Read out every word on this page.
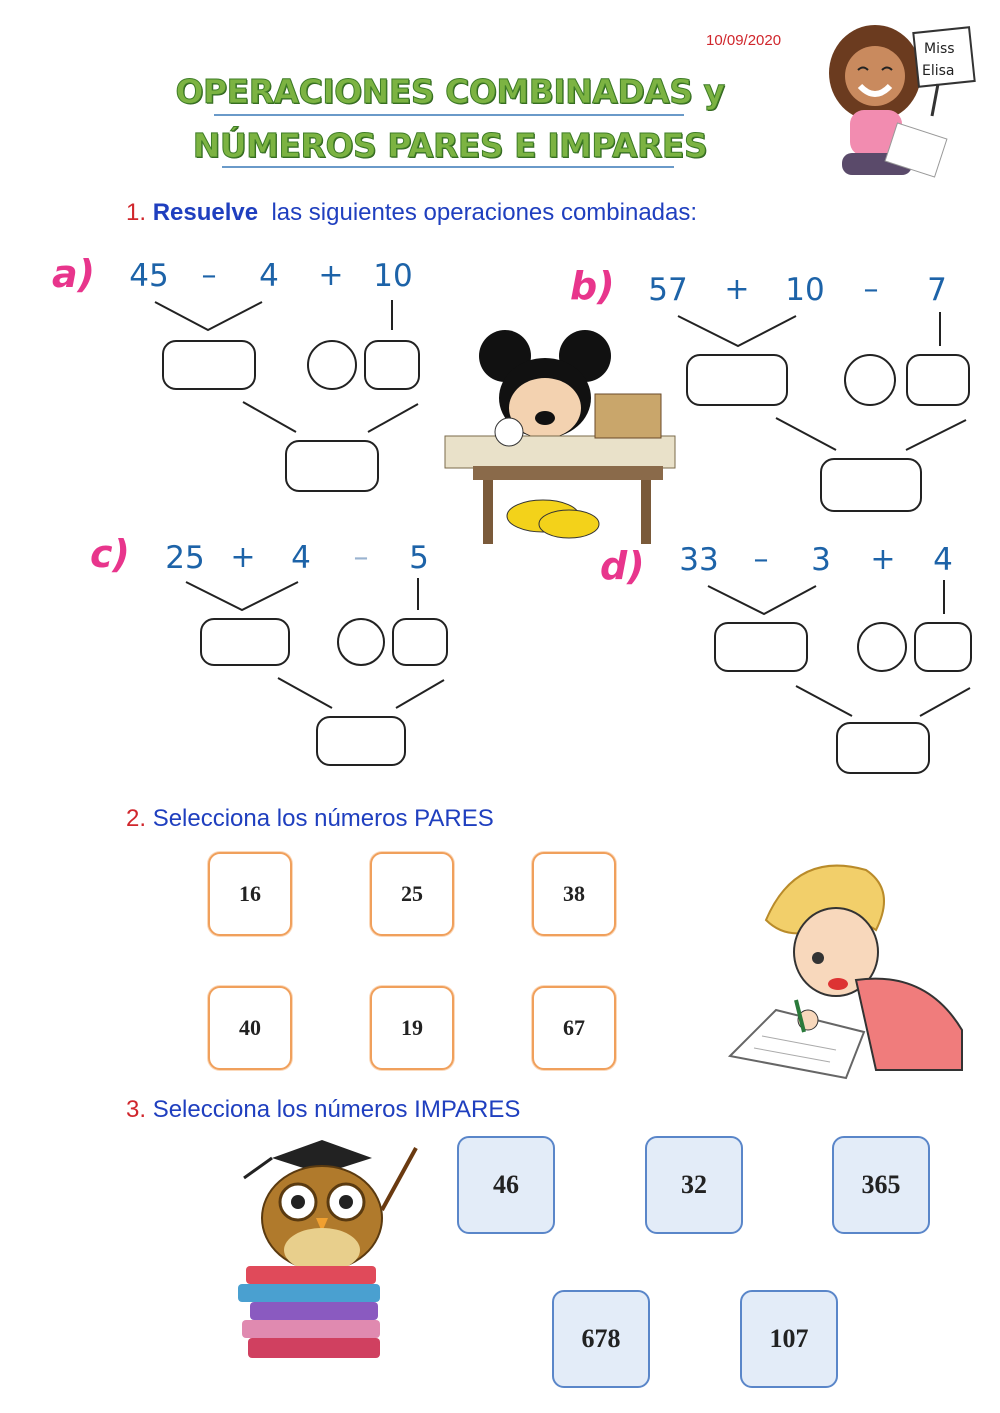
10/09/2020
OPERACIONES COMBINADAS y
NÚMEROS PARES E IMPARES
Miss
Elisa
1. Resuelve las siguientes operaciones combinadas:
a) 45	–	4	+ 10	b) 57	+	10	–	7
c) 25 +	4	–	5	d) 33	–	3	+	4
2. Selecciona los números PARES
16	25	38
40	19	67
3. Selecciona los números IMPARES
46	32	365
678	107
